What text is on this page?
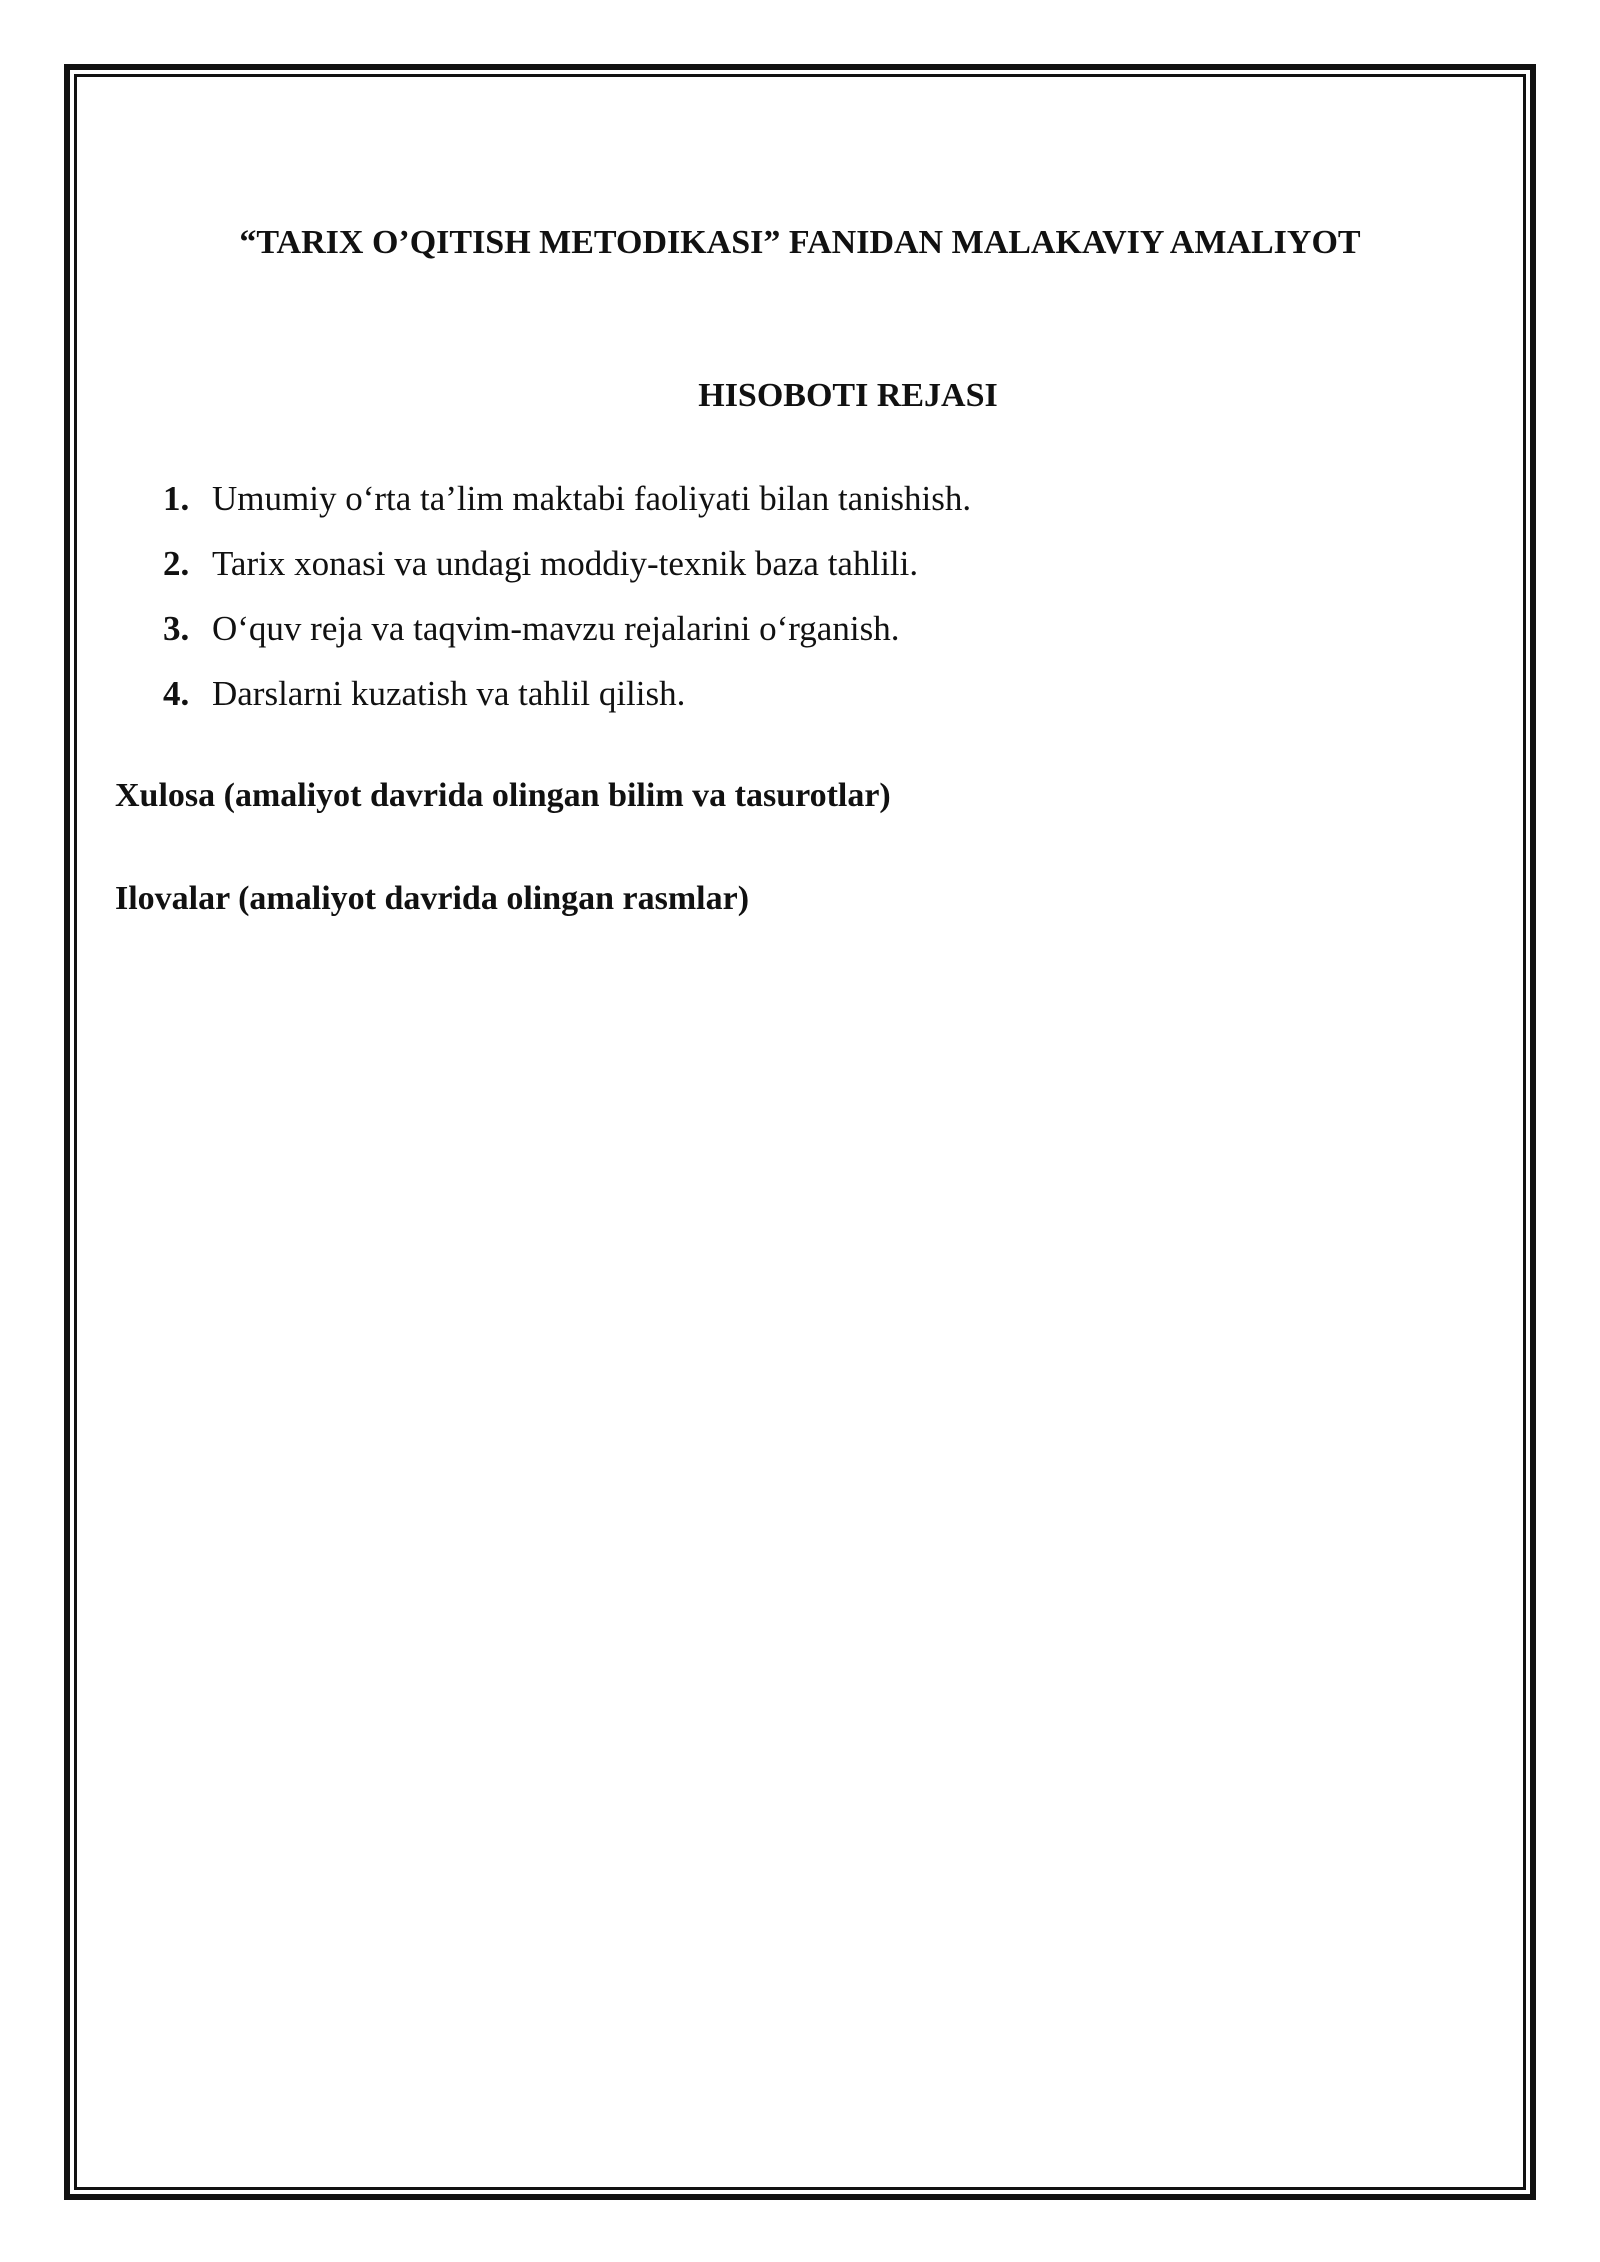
“TARIX O’QITISH METODIKASI” FANIDAN MALAKAVIY AMALIYOT
HISOBOTI REJASI
1. Umumiy o‘rta ta’lim maktabi faoliyati bilan tanishish.
2. Tarix xonasi va undagi moddiy-texnik baza tahlili.
3. O‘quv reja va taqvim-mavzu rejalarini o‘rganish.
4. Darslarni kuzatish va tahlil qilish.
Xulosa (amaliyot davrida olingan bilim va tasurotlar)
Ilovalar (amaliyot davrida olingan rasmlar)
